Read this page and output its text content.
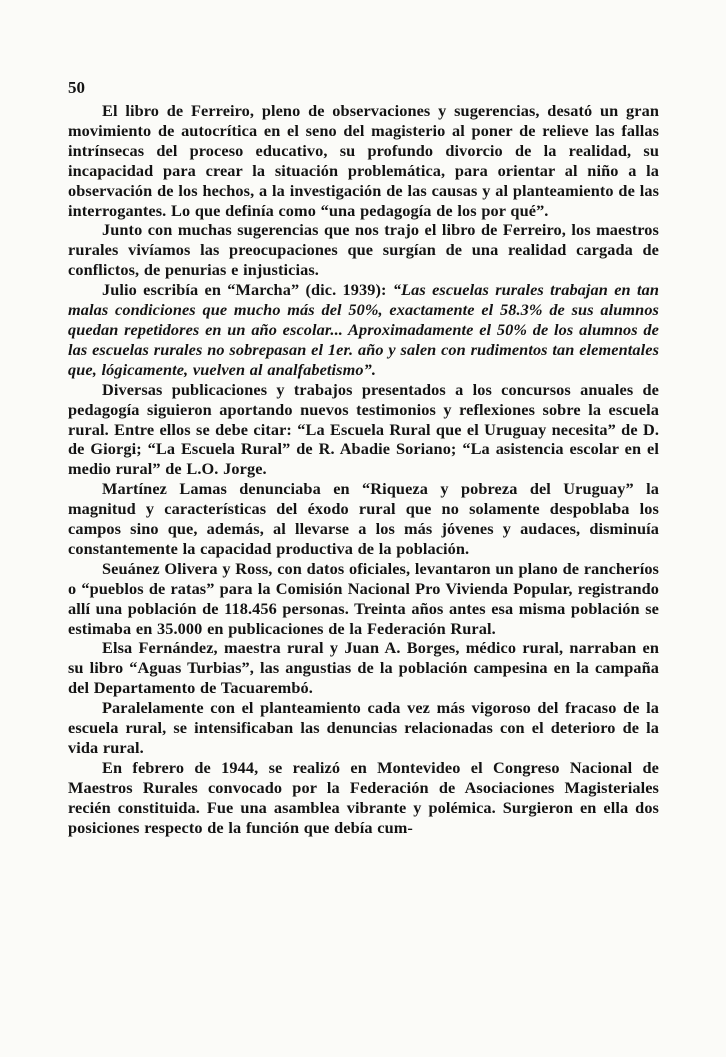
50

El libro de Ferreiro, pleno de observaciones y sugerencias, desató un gran movimiento de autocrítica en el seno del magisterio al poner de relieve las fallas intrínsecas del proceso educativo, su profundo divorcio de la realidad, su incapacidad para crear la situación problemática, para orientar al niño a la observación de los hechos, a la investigación de las causas y al planteamiento de las interrogantes. Lo que definía como “una pedagogía de los por qué”.

Junto con muchas sugerencias que nos trajo el libro de Ferreiro, los maestros rurales vivíamos las preocupaciones que surgían de una realidad cargada de conflictos, de penurias e injusticias.

Julio escribía en “Marcha” (dic. 1939): “Las escuelas rurales trabajan en tan malas condiciones que mucho más del 50%, exactamente el 58.3% de sus alumnos quedan repetidores en un año escolar... Aproximadamente el 50% de los alumnos de las escuelas rurales no sobrepasan el 1er. año y salen con rudimentos tan elementales que, lógicamente, vuelven al analfabetismo”.

Diversas publicaciones y trabajos presentados a los concursos anuales de pedagogía siguieron aportando nuevos testimonios y reflexiones sobre la escuela rural. Entre ellos se debe citar: “La Escuela Rural que el Uruguay necesita” de D. de Giorgi; “La Escuela Rural” de R. Abadie Soriano; “La asistencia escolar en el medio rural” de L.O. Jorge.

Martínez Lamas denunciaba en “Riqueza y pobreza del Uruguay” la magnitud y características del éxodo rural que no solamente despoblaba los campos sino que, además, al llevarse a los más jóvenes y audaces, disminuía constantemente la capacidad productiva de la población.

Seuánez Olivera y Ross, con datos oficiales, levantaron un plano de rancheríos o “pueblos de ratas” para la Comisión Nacional Pro Vivienda Popular, registrando allí una población de 118.456 personas. Treinta años antes esa misma población se estimaba en 35.000 en publicaciones de la Federación Rural.

Elsa Fernández, maestra rural y Juan A. Borges, médico rural, narraban en su libro “Aguas Turbias”, las angustias de la población campesina en la campaña del Departamento de Tacuarembó.

Paralelamente con el planteamiento cada vez más vigoroso del fracaso de la escuela rural, se intensificaban las denuncias relacionadas con el deterioro de la vida rural.

En febrero de 1944, se realizó en Montevideo el Congreso Nacional de Maestros Rurales convocado por la Federación de Asociaciones Magisteriales recién constituida. Fue una asamblea vibrante y polémica. Surgieron en ella dos posiciones respecto de la función que debía cum-
